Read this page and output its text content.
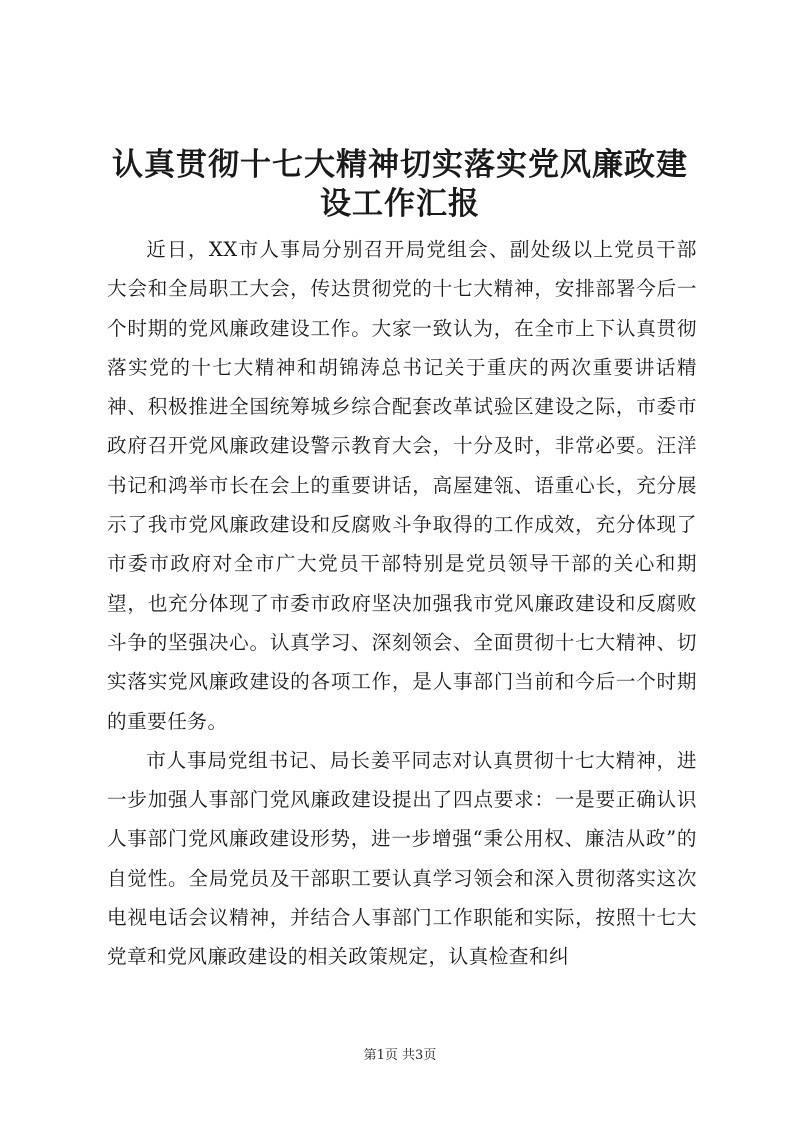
认真贯彻十七大精神切实落实党风廉政建设工作汇报

近日，XX市人事局分别召开局党组会、副处级以上党员干部大会和全局职工大会，传达贯彻党的十七大精神，安排部署今后一个时期的党风廉政建设工作。大家一致认为，在全市上下认真贯彻落实党的十七大精神和胡锦涛总书记关于重庆的两次重要讲话精神、积极推进全国统筹城乡综合配套改革试验区建设之际，市委市政府召开党风廉政建设警示教育大会，十分及时，非常必要。汪洋书记和鸿举市长在会上的重要讲话，高屋建瓴、语重心长，充分展示了我市党风廉政建设和反腐败斗争取得的工作成效，充分体现了市委市政府对全市广大党员干部特别是党员领导干部的关心和期望，也充分体现了市委市政府坚决加强我市党风廉政建设和反腐败斗争的坚强决心。认真学习、深刻领会、全面贯彻十七大精神、切实落实党风廉政建设的各项工作，是人事部门当前和今后一个时期的重要任务。

市人事局党组书记、局长姜平同志对认真贯彻十七大精神，进一步加强人事部门党风廉政建设提出了四点要求：一是要正确认识人事部门党风廉政建设形势，进一步增强“秉公用权、廉洁从政”的自觉性。全局党员及干部职工要认真学习领会和深入贯彻落实这次电视电话会议精神，并结合人事部门工作职能和实际，按照十七大党章和党风廉政建设的相关政策规定，认真检查和纠

第1页 共3页
